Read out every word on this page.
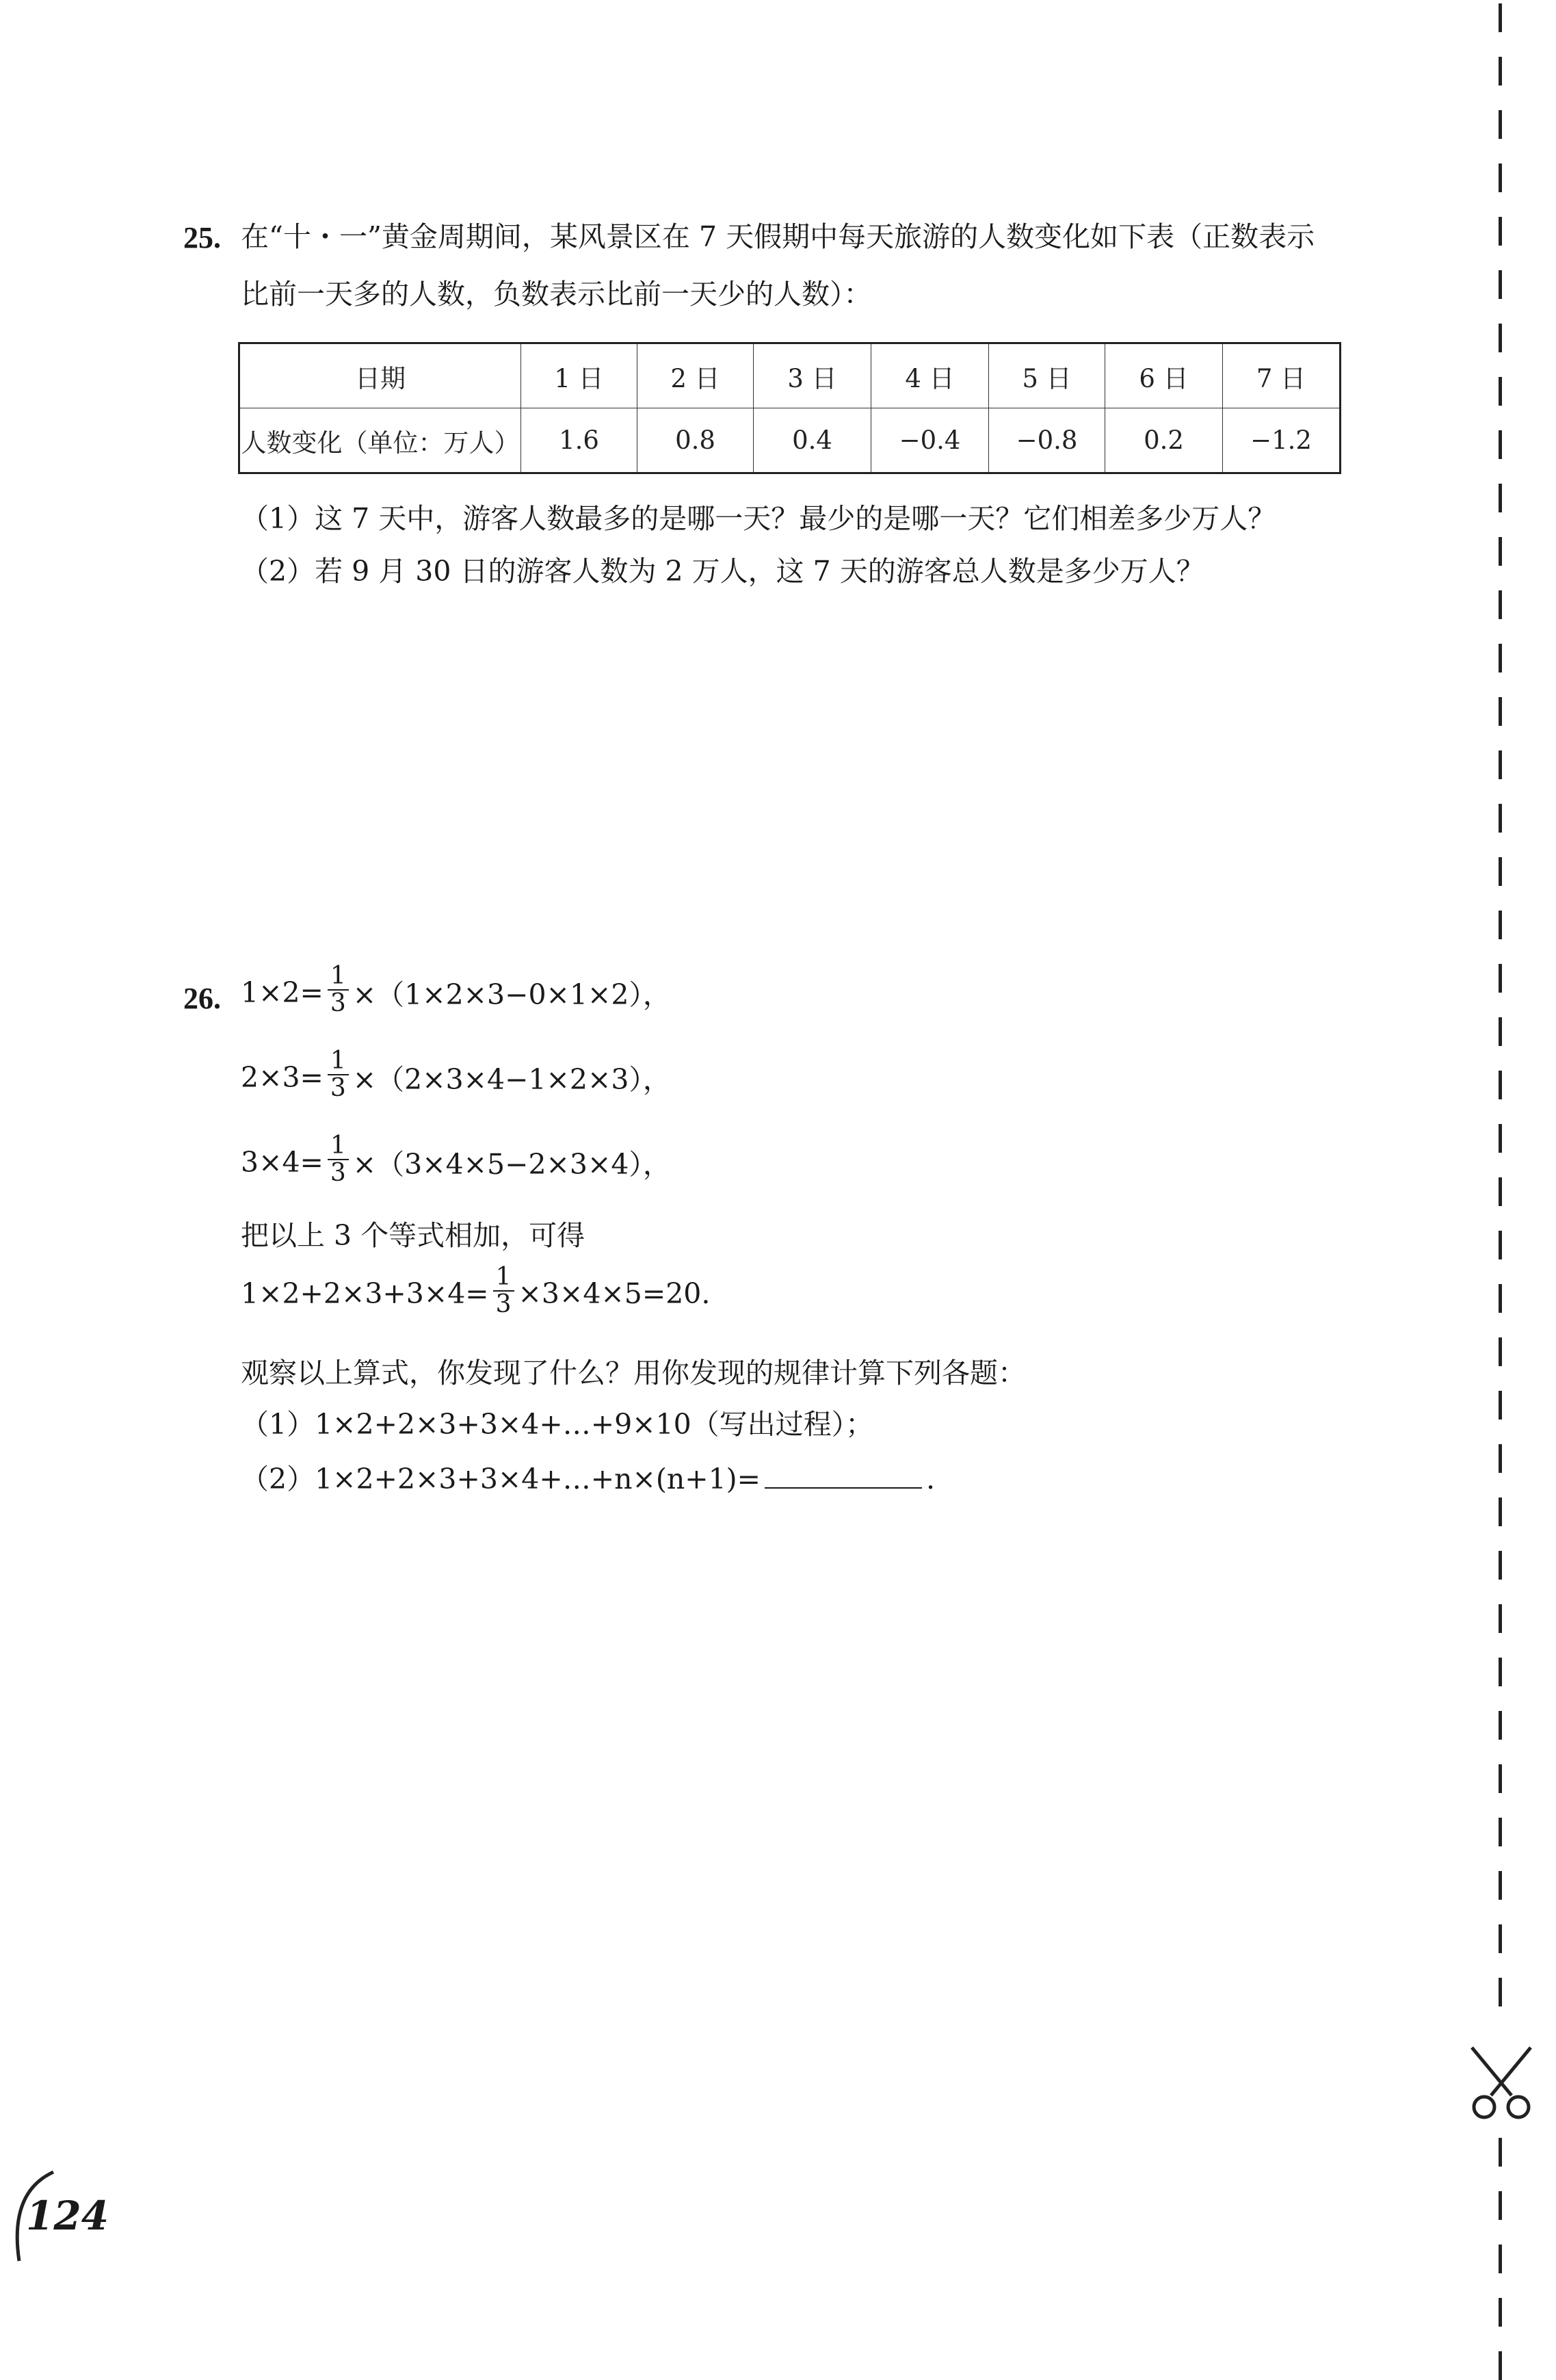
25. 在“十・一”黄金周期间，某风景区在 7 天假期中每天旅游的人数变化如下表（正数表示
比前一天多的人数，负数表示比前一天少的人数）：
日期	1 日	2 日	3 日	4 日	5 日	6 日	7 日
人数变化（单位：万人）	1.6	0.8	0.4	−0.4	−0.8	0.2	−1.2
（1）这 7 天中，游客人数最多的是哪一天？最少的是哪一天？它们相差多少万人？
（2）若 9 月 30 日的游客人数为 2 万人，这 7 天的游客总人数是多少万人？
26. $1\times 2= \frac{1}{3} \times(1\times 2\times 3-0\times 1\times 2)$，
$2\times 3= \frac{1}{3} \times(2\times 3\times 4-1\times 2\times 3)$，
$3\times 4= \frac{1}{3} \times(3\times 4\times 5-2\times 3\times 4)$，
把以上 3 个等式相加，可得
$1\times 2+2\times 3+3\times 4= \frac{1}{3} \times 3\times 4\times 5=20$.
观察以上算式，你发现了什么？用你发现的规律计算下列各题：
（1）1×2+2×3+3×4+…+9×10（写出过程）；
（2）1×2+2×3+3×4+…+n×(n+1)=	.
124
